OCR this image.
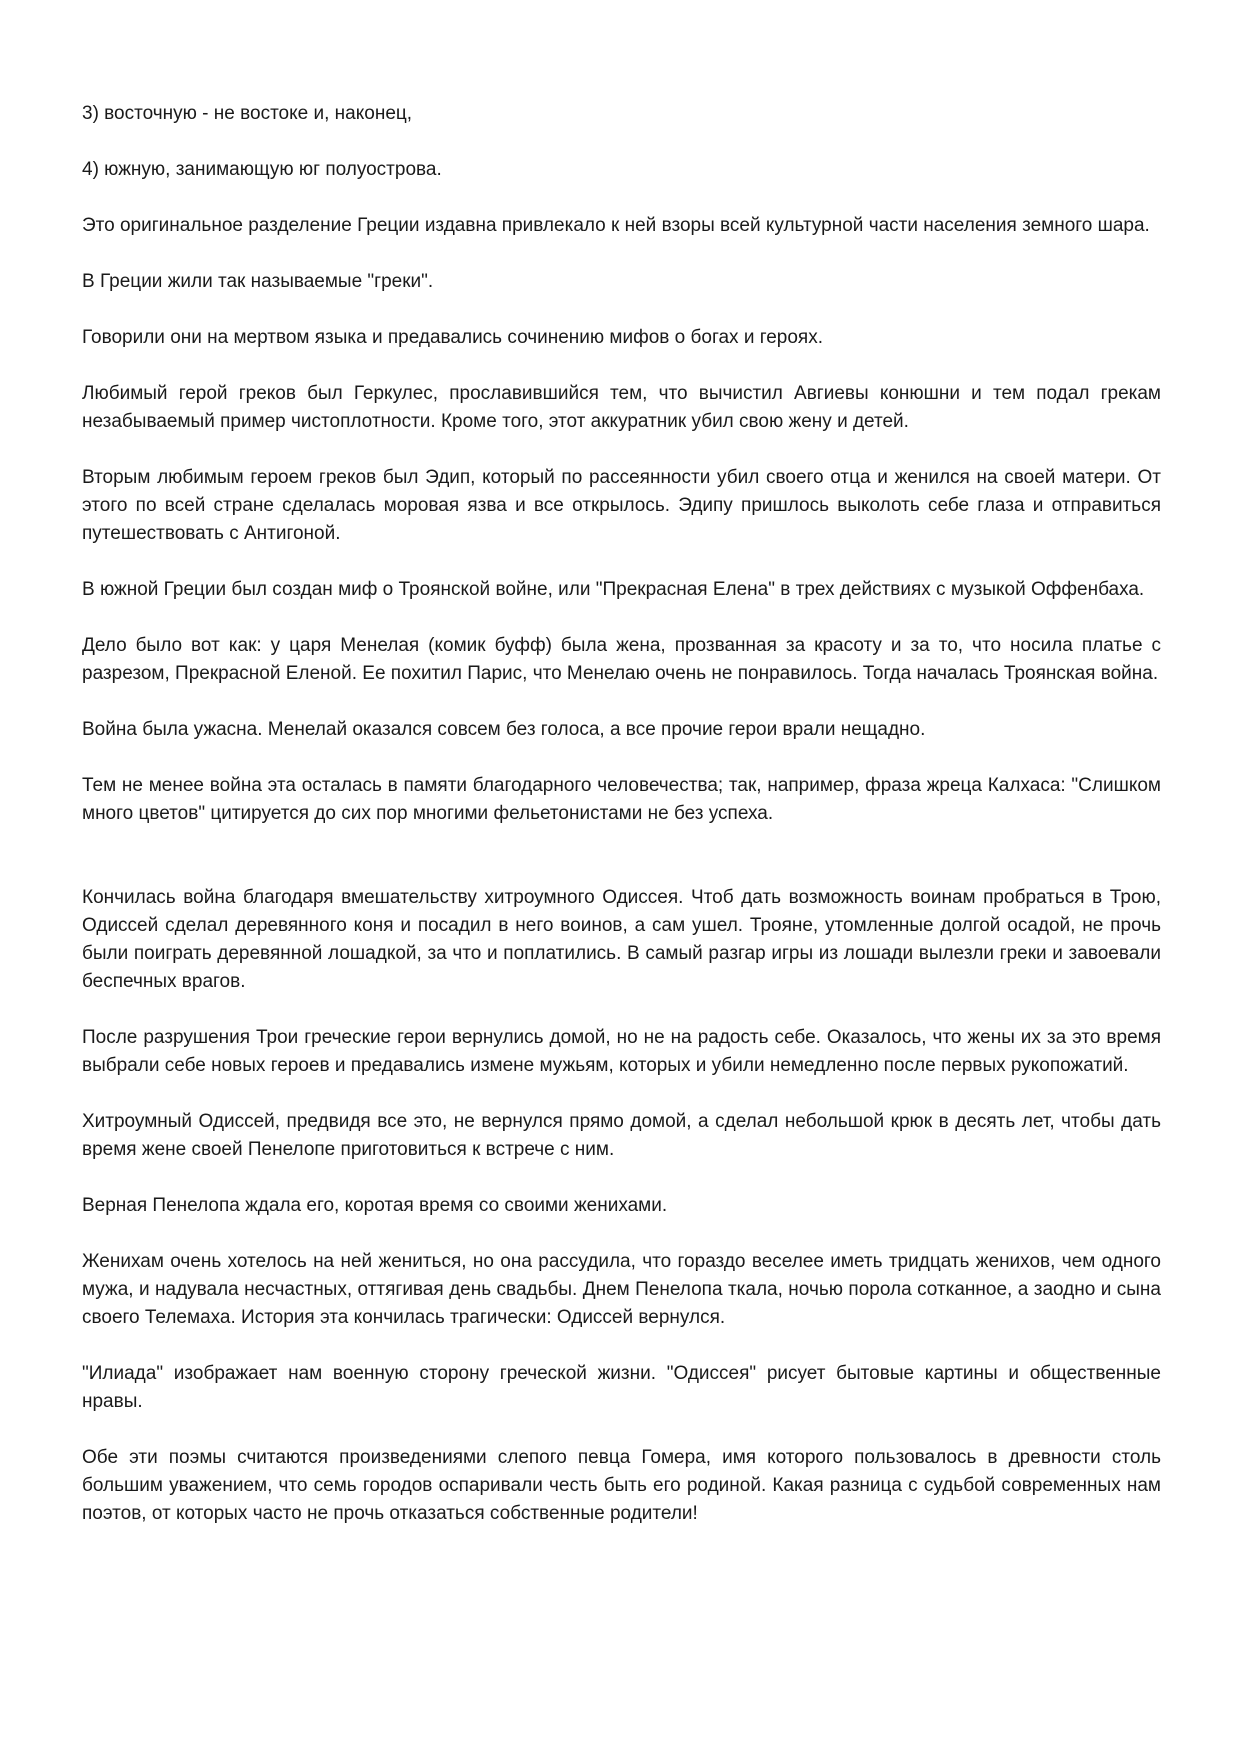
3) восточную - не востоке и, наконец,

4) южную, занимающую юг полуострова.

Это оригинальное разделение Греции издавна привлекало к ней взоры всей культурной части населения земного шара.

В Греции жили так называемые "греки".

Говорили они на мертвом языка и предавались сочинению мифов о богах и героях.

Любимый герой греков был Геркулес, прославившийся тем, что вычистил Авгиевы конюшни и тем подал грекам незабываемый пример чистоплотности. Кроме того, этот аккуратник убил свою жену и детей.

Вторым любимым героем греков был Эдип, который по рассеянности убил своего отца и женился на своей матери. От этого по всей стране сделалась моровая язва и все открылось. Эдипу пришлось выколоть себе глаза и отправиться путешествовать с Антигоной.

В южной Греции был создан миф о Троянской войне, или "Прекрасная Елена" в трех действиях с музыкой Оффенбаха.

Дело было вот как: у царя Менелая (комик буфф) была жена, прозванная за красоту и за то, что носила платье с разрезом, Прекрасной Еленой. Ее похитил Парис, что Менелаю очень не понравилось. Тогда началась Троянская война.

Война была ужасна. Менелай оказался совсем без голоса, а все прочие герои врали нещадно.

Тем не менее война эта осталась в памяти благодарного человечества; так, например, фраза жреца Калхаса: "Слишком много цветов" цитируется до сих пор многими фельетонистами не без успеха.

Кончилась война благодаря вмешательству хитроумного Одиссея. Чтоб дать возможность воинам пробраться в Трою, Одиссей сделал деревянного коня и посадил в него воинов, а сам ушел. Трояне, утомленные долгой осадой, не прочь были поиграть деревянной лошадкой, за что и поплатились. В самый разгар игры из лошади вылезли греки и завоевали беспечных врагов.

После разрушения Трои греческие герои вернулись домой, но не на радость себе. Оказалось, что жены их за это время выбрали себе новых героев и предавались измене мужьям, которых и убили немедленно после первых рукопожатий.

Хитроумный Одиссей, предвидя все это, не вернулся прямо домой, а сделал небольшой крюк в десять лет, чтобы дать время жене своей Пенелопе приготовиться к встрече с ним.

Верная Пенелопа ждала его, коротая время со своими женихами.

Женихам очень хотелось на ней жениться, но она рассудила, что гораздо веселее иметь тридцать женихов, чем одного мужа, и надувала несчастных, оттягивая день свадьбы. Днем Пенелопа ткала, ночью порола сотканное, а заодно и сына своего Телемаха. История эта кончилась трагически: Одиссей вернулся.

"Илиада" изображает нам военную сторону греческой жизни. "Одиссея" рисует бытовые картины и общественные нравы.

Обе эти поэмы считаются произведениями слепого певца Гомера, имя которого пользовалось в древности столь большим уважением, что семь городов оспаривали честь быть его родиной. Какая разница с судьбой современных нам поэтов, от которых часто не прочь отказаться собственные родители!
